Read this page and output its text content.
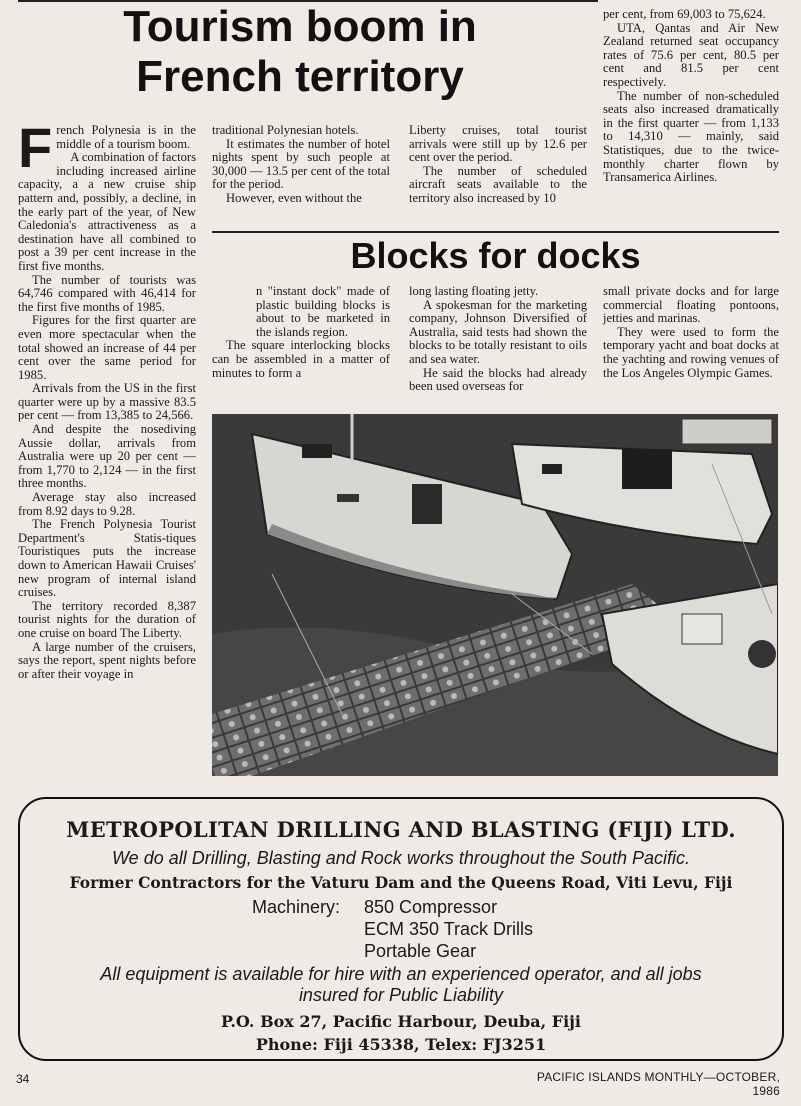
Tourism boom in
French territory
F rench Polynesia is in the middle of a tourism boom.

A combination of factors including increased airline capacity, a a new cruise ship pattern and, possibly, a decline, in the early part of the year, of New Caledonia's attractiveness as a destination have all combined to post a 39 per cent increase in the first five months.

The number of tourists was 64,746 compared with 46,414 for the first five months of 1985.

Figures for the first quarter are even more spectacular when the total showed an increase of 44 per cent over the same period for 1985.

Arrivals from the US in the first quarter were up by a massive 83.5 per cent — from 13,385 to 24,566.

And despite the nosediving Aussie dollar, arrivals from Australia were up 20 per cent — from 1,770 to 2,124 — in the first three months.

Average stay also increased from 8.92 days to 9.28.

The French Polynesia Tourist Department's Statis-tiques Touristiques puts the increase down to American Hawaii Cruises' new program of internal island cruises.

The territory recorded 8,387 tourist nights for the duration of one cruise on board The Liberty.

A large number of the cruisers, says the report, spent nights before or after their voyage in

traditional Polynesian hotels.

It estimates the number of hotel nights spent by such people at 30,000 — 13.5 per cent of the total for the period.

However, even without the

Liberty cruises, total tourist arrivals were still up by 12.6 per cent over the period.

The number of scheduled aircraft seats available to the territory also increased by 10

per cent, from 69,003 to 75,624.

UTA, Qantas and Air New Zealand returned seat occupancy rates of 75.6 per cent, 80.5 per cent and 81.5 per cent respectively.

The number of non-scheduled seats also increased dramatically in the first quarter — from 1,133 to 14,310 — mainly, said Statistiques, due to the twice-monthly charter flown by Transamerica Airlines.

Blocks for docks

n "instant dock" made of plastic building blocks is about to be marketed in the islands region.

The square interlocking blocks can be assembled in a matter of minutes to form a

long lasting floating jetty.

A spokesman for the marketing company, Johnson Diversified of Australia, said tests had shown the blocks to be totally resistant to oils and sea water.

He said the blocks had already been used overseas for

small private docks and for large commercial floating pontoons, jetties and marinas.

They were used to form the temporary yacht and boat docks at the yachting and rowing venues of the Los Angeles Olympic Games.

METROPOLITAN DRILLING AND BLASTING (FIJI) LTD.
We do all Drilling, Blasting and Rock works throughout the South Pacific.
Former Contractors for the Vaturu Dam and the Queens Road, Viti Levu, Fiji
Machinery: 850 Compressor
ECM 350 Track Drills
Portable Gear
All equipment is available for hire with an experienced operator, and all jobs
insured for Public Liability
P.O. Box 27, Pacific Harbour, Deuba, Fiji
Phone: Fiji 45338, Telex: FJ3251
34	PACIFIC ISLANDS MONTHLY—OCTOBER, 1986
